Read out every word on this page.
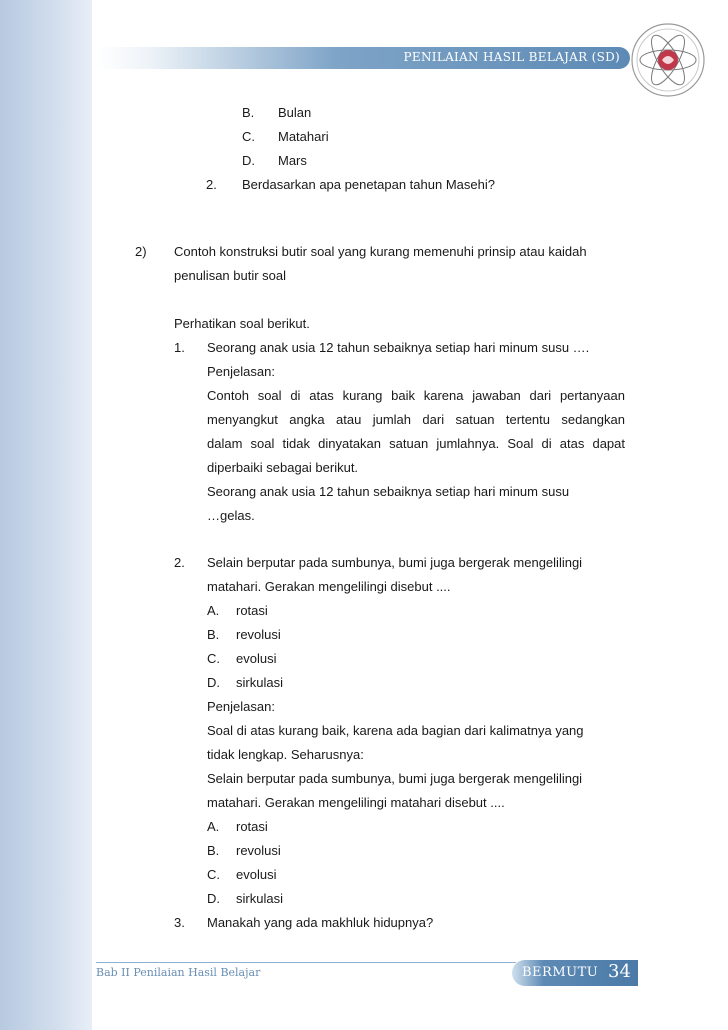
PENILAIAN HASIL BELAJAR (SD)
B. Bulan
C. Matahari
D. Mars
2. Berdasarkan apa penetapan tahun Masehi?
2) Contoh konstruksi butir soal yang kurang memenuhi prinsip atau kaidah
penulisan butir soal
Perhatikan soal berikut.
1. Seorang anak usia 12 tahun sebaiknya setiap hari minum susu ….
Penjelasan:
Contoh soal di atas kurang baik karena jawaban dari pertanyaan
menyangkut angka atau jumlah dari satuan tertentu sedangkan
dalam soal tidak dinyatakan satuan jumlahnya. Soal di atas dapat
diperbaiki sebagai berikut.
Seorang anak usia 12 tahun sebaiknya setiap hari minum susu
…gelas.
2. Selain berputar pada sumbunya, bumi juga bergerak mengelilingi
matahari. Gerakan mengelilingi disebut ....
A. rotasi
B. revolusi
C. evolusi
D. sirkulasi
Penjelasan:
Soal di atas kurang baik, karena ada bagian dari kalimatnya yang
tidak lengkap. Seharusnya:
Selain berputar pada sumbunya, bumi juga bergerak mengelilingi
matahari. Gerakan mengelilingi matahari disebut ....
A. rotasi
B. revolusi
C. evolusi
D. sirkulasi
3. Manakah yang ada makhluk hidupnya?
Bab II Penilaian Hasil Belajar	BERMUTU 34
